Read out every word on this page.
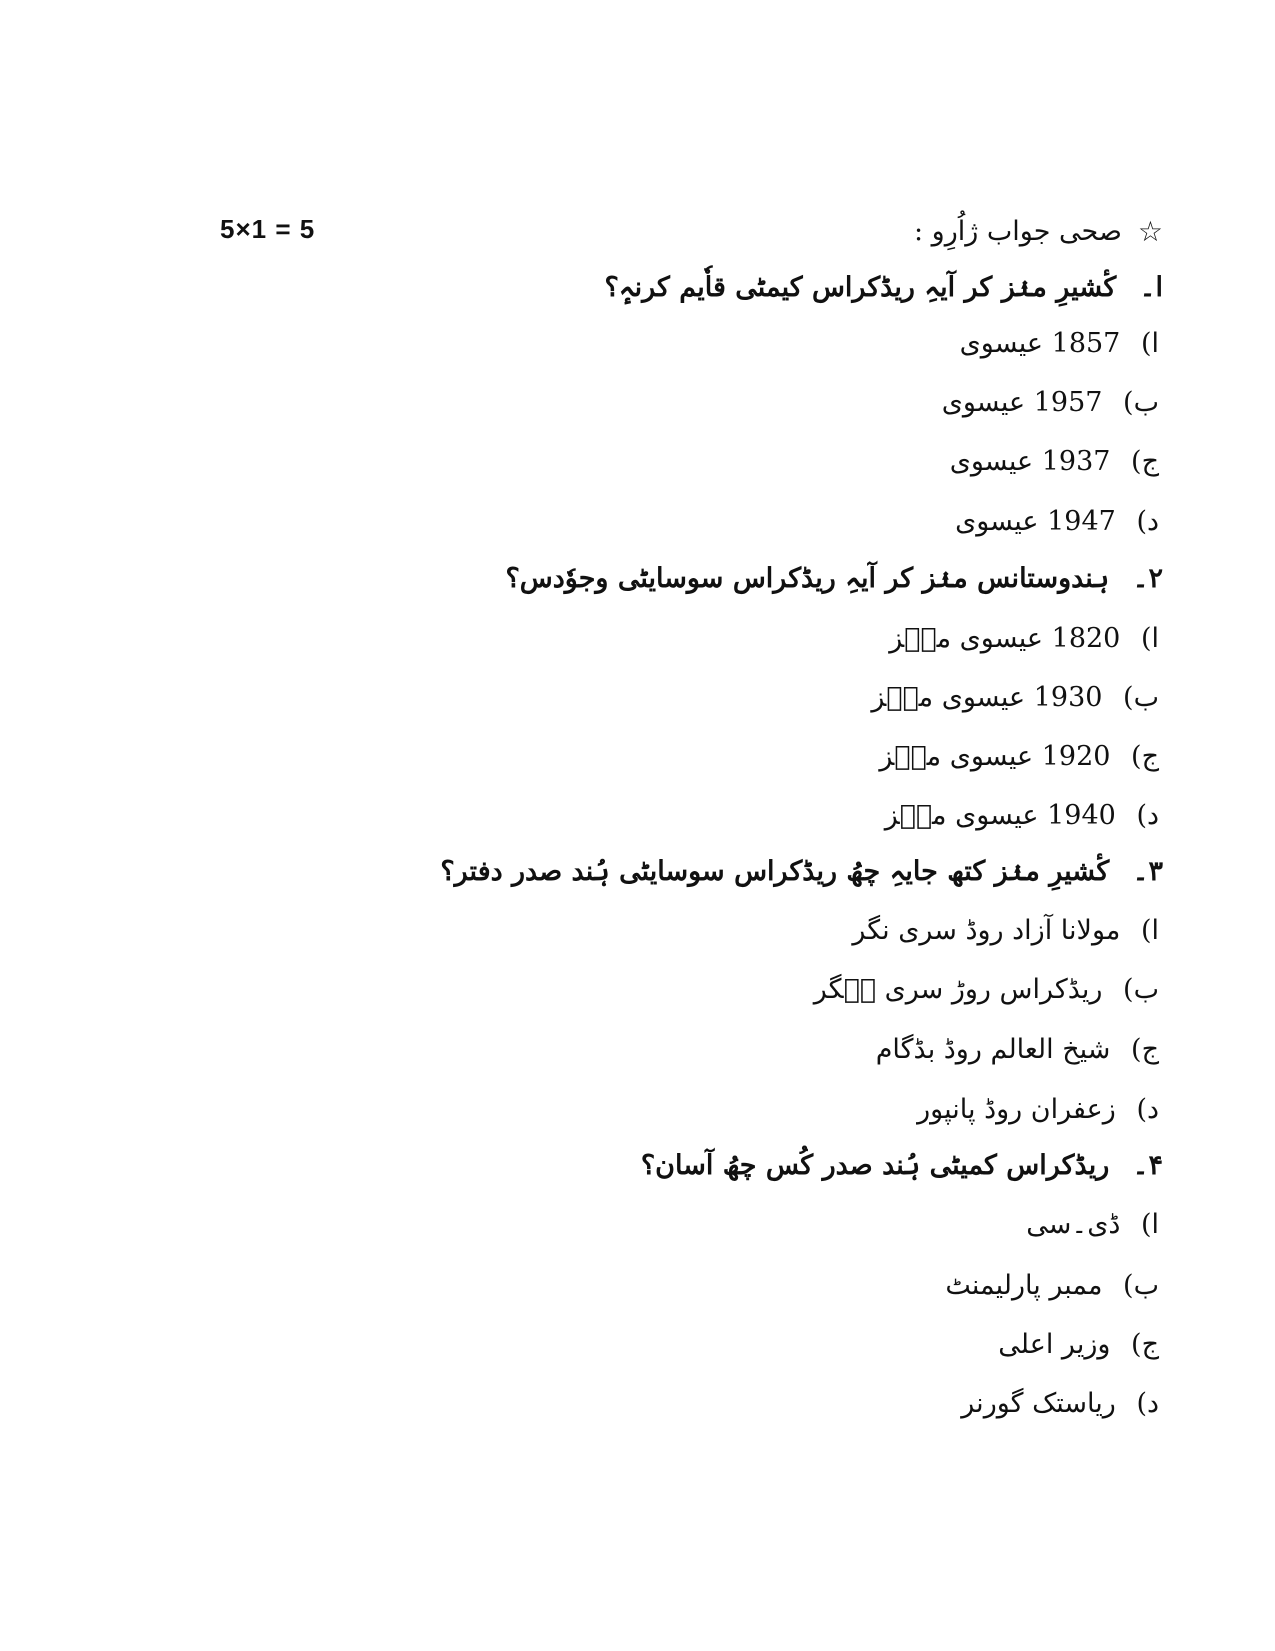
5×1 = 5	☆
صحی جواب ژاُرِو :
ا۔ کٔشیرِ منٛز کر آیہِ ریڈکراس کیمٹی قاٗیم کرنہٕ؟
ا) 1857 عیسوی
ب) 1957 عیسوی
ج) 1937 عیسوی
د) 1947 عیسوی
۲۔ ہندوستانس منٛز کر آیہِ ریڈکراس سوسایٹی وجوٗدس؟
ا) 1820 عیسوی منٛز
ب) 1930 عیسوی منٛز
ج) 1920 عیسوی منٛز
د) 1940 عیسوی منٛز
۳۔ کٔشیرِ منٛز کتھ جایہِ چھُ ریڈکراس سوسایٹی ہُند صدر دفتر؟
ا) مولانا آزاد روڈ سری نگر
ب) ریڈکراس روڑ سری نٟگر
ج) شیخ العالم روڈ بڈگام
د) زعفران روڈ پانپور
۴۔ ریڈکراس کمیٹی ہُند صدر کُس چھُ آسان؟
ا) ڈی۔سی
ب) ممبر پارلیمنٹ
ج) وزیر اعلی
د) ریاستک گورنر
